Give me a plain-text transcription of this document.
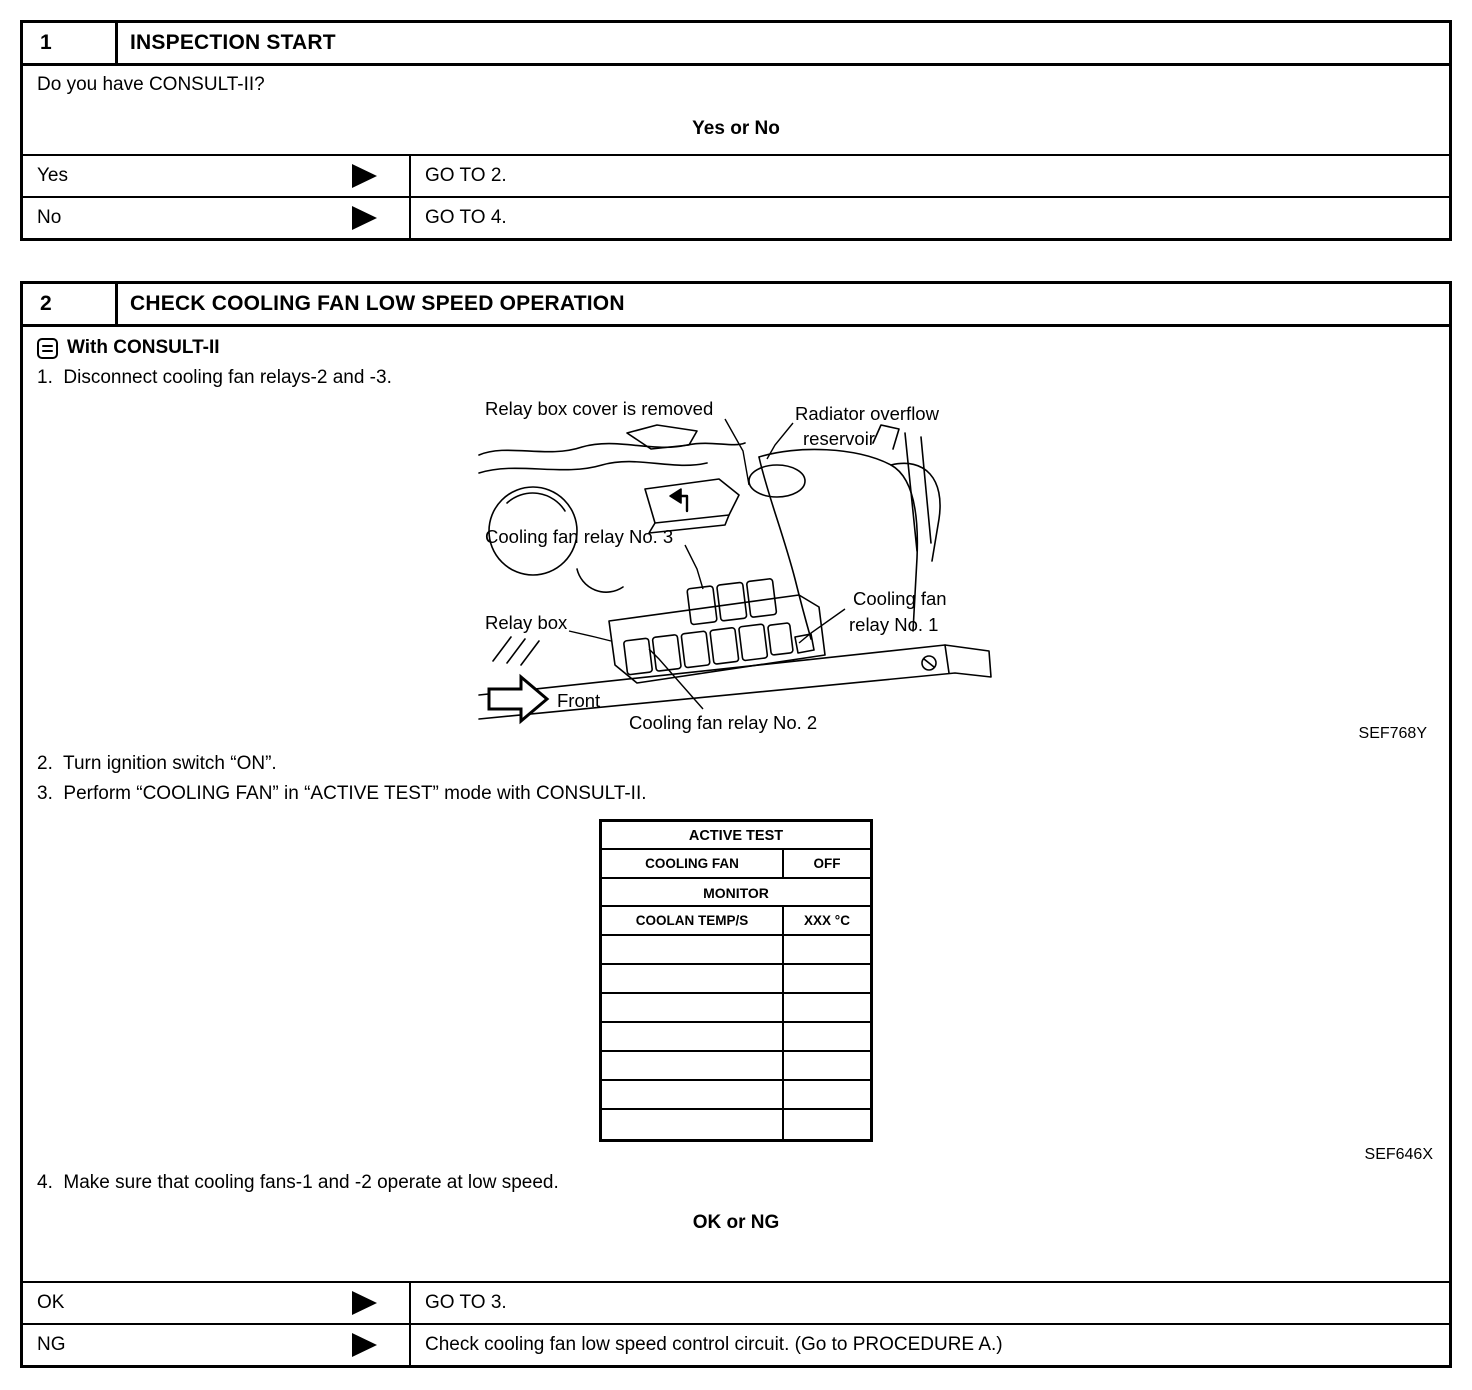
1	INSPECTION START
Do you have CONSULT-II?
Yes or No
Yes	GO TO 2.
No	GO TO 4.
2	CHECK COOLING FAN LOW SPEED OPERATION
With CONSULT-II
1.  Disconnect cooling fan relays-2 and -3.
Relay box cover is removed	Radiator overflow
reservoir
Cooling fan relay No. 3
Cooling fan
relay No. 1
Relay box
Front
Cooling fan relay No. 2
SEF768Y
2.  Turn ignition switch “ON”.
3.  Perform “COOLING FAN” in “ACTIVE TEST” mode with CONSULT-II.
ACTIVE TEST
COOLING FAN	OFF
MONITOR
COOLAN TEMP/S	XXX °C
SEF646X
4.  Make sure that cooling fans-1 and -2 operate at low speed.
OK or NG
OK	GO TO 3.
NG	Check cooling fan low speed control circuit. (Go to PROCEDURE A.)
